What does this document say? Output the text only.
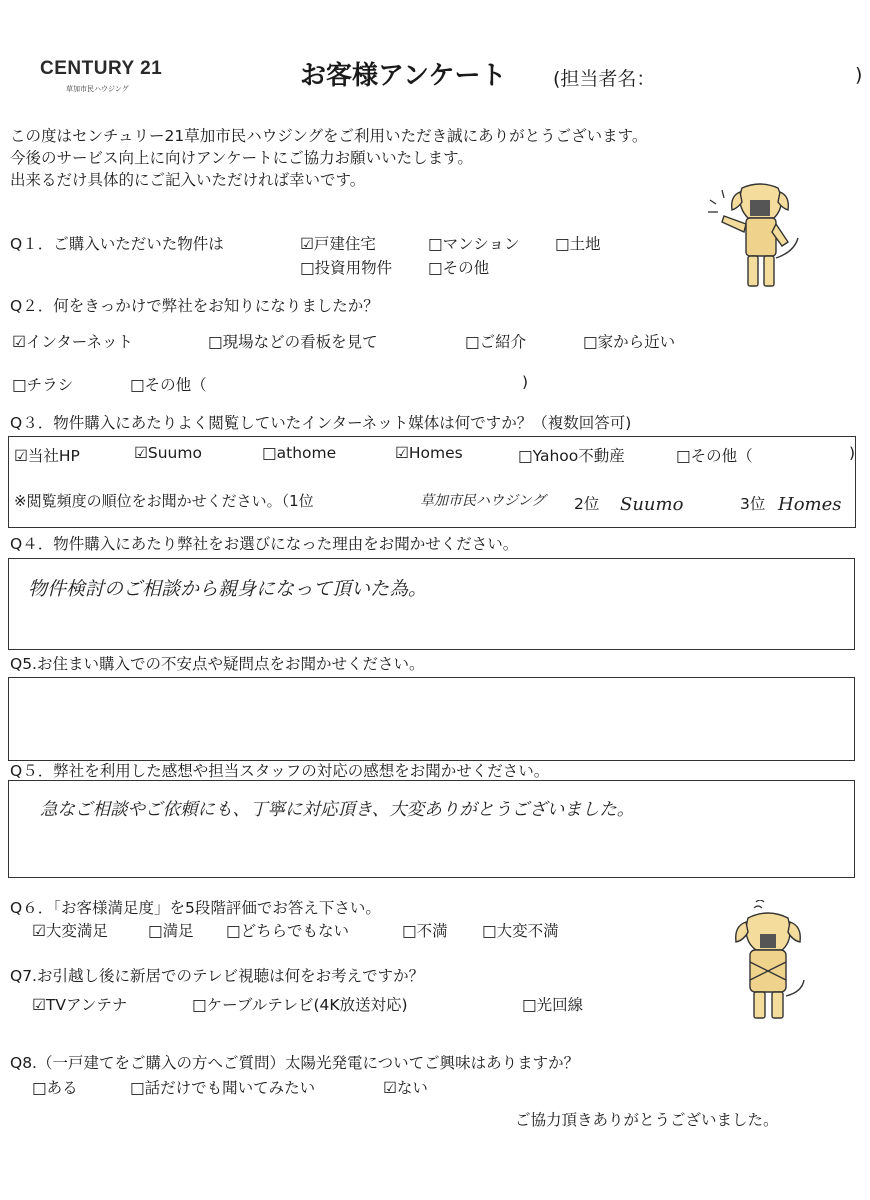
CENTURY 21
草加市民ハウジング	お客様アンケート (担当者名：	)
この度はセンチュリー21草加市民ハウジングをご利用いただき誠にありがとうございます。
今後のサービス向上に向けアンケートにご協力お願いいたします。
出来るだけ具体的にご記入いただければ幸いです。
Q１．ご購入いただいた物件は	☑戸建住宅	□マンション □土地
□投資用物件 □その他
Q２．何をきっかけで弊社をお知りになりましたか？
☑インターネット	□現場などの看板を見て	□ご紹介	□家から近い
□チラシ	□その他（	)
Q３．物件購入にあたりよく閲覧していたインターネット媒体は何ですか？（複数回答可)
☑当社HP	☑Suumo	□athome	☑Homes	□Yahoo不動産	□その他（	)
※閲覧頻度の順位をお聞かせください。（1位	草加市民ハウジング 2位 Suumo	3位 Homes
Q４．物件購入にあたり弊社をお選びになった理由をお聞かせください。
物件検討のご相談から親身になって頂いた為。
Q5.お住まい購入での不安点や疑問点をお聞かせください。
Q５．弊社を利用した感想や担当スタッフの対応の感想をお聞かせください。
急なご相談やご依頼にも、丁寧に対応頂き、大変ありがとうございました。
Q６．「お客様満足度」を5段階評価でお答え下さい。
☑大変満足	□満足 □どちらでもない	□不満 □大変不満
Q7.お引越し後に新居でのテレビ視聴は何をお考えですか？
☑TVアンテナ	□ケーブルテレビ(4K放送対応)	□光回線
Q8.（一戸建てをご購入の方へご質問）太陽光発電についてご興味はありますか？
□ある	□話だけでも聞いてみたい	☑ない
ご協力頂きありがとうございました。
